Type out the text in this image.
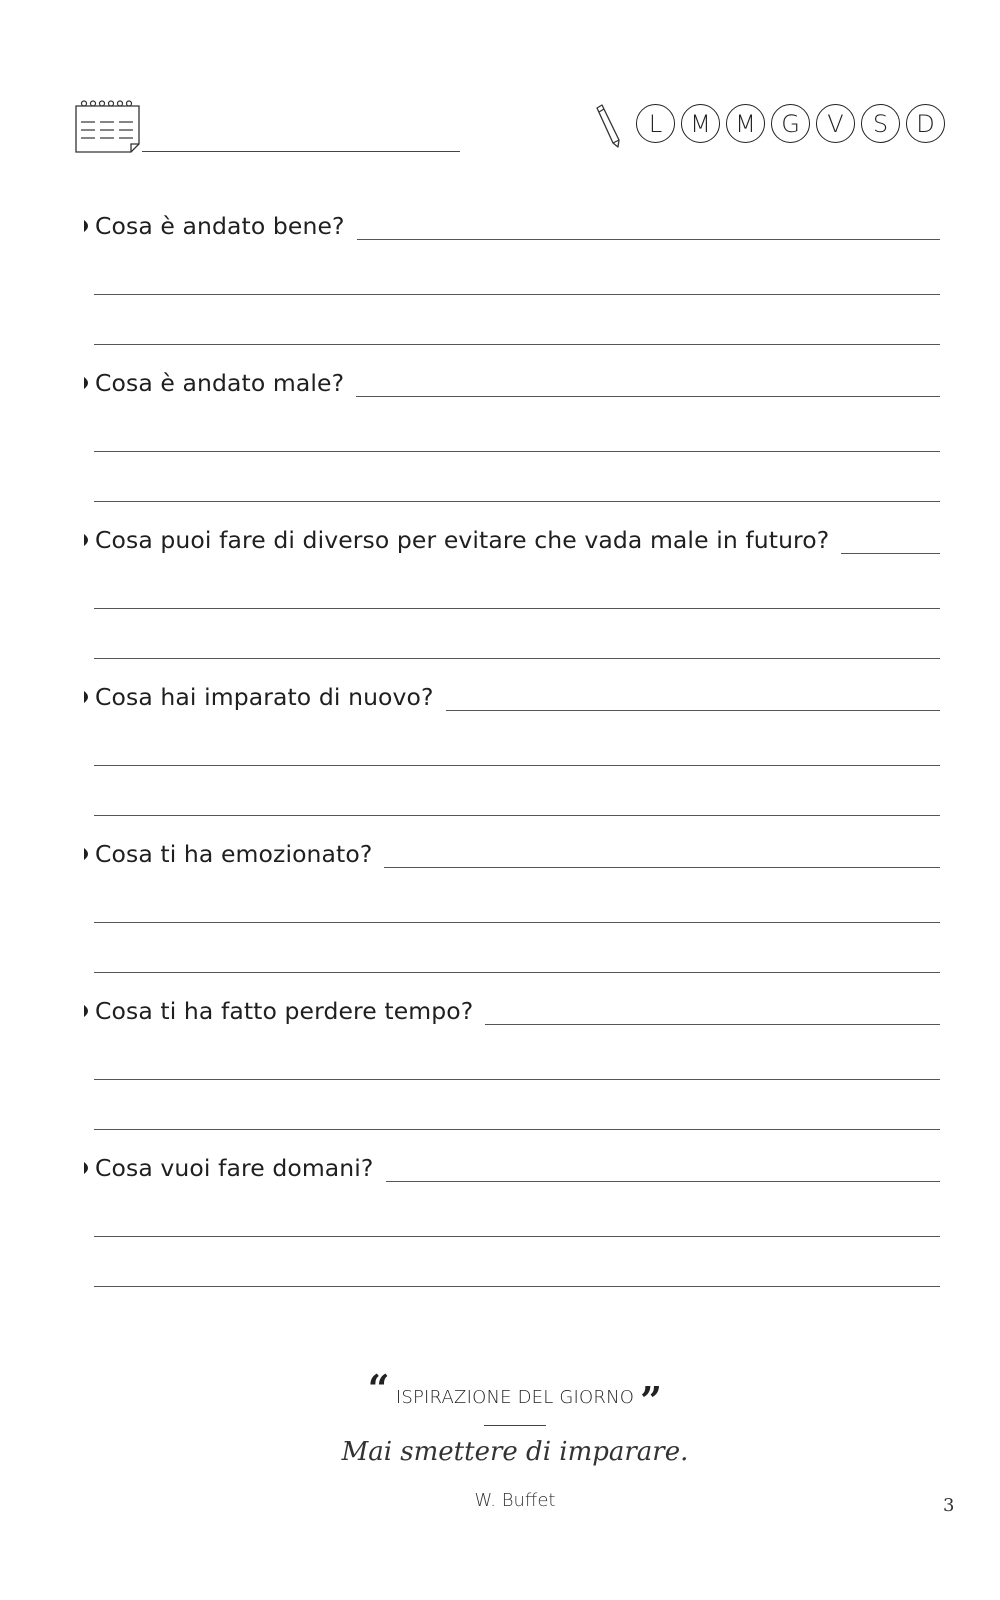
L	M	M	G	V	S	D
Cosa è andato bene?
Cosa è andato male?
Cosa puoi fare di diverso per evitare che vada male in futuro?
Cosa hai imparato di nuovo?
Cosa ti ha emozionato?
Cosa ti ha fatto perdere tempo?
Cosa vuoi fare domani?
“ ISPIRAZIONE DEL GIORNO ”
Mai smettere di imparare.
W. Buffet	3
